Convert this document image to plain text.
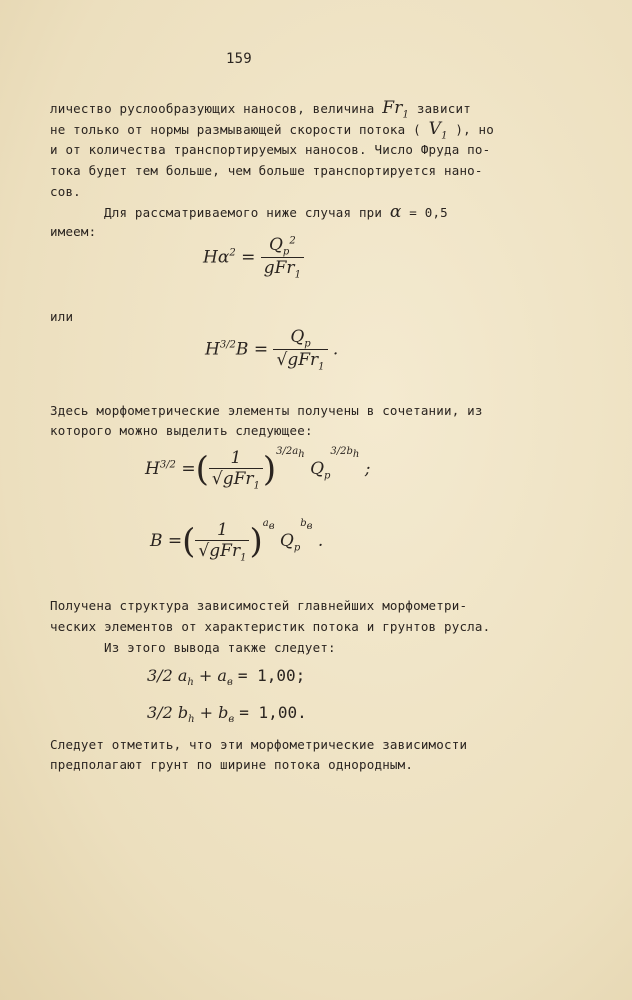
159
личество руслообразующих наносов, величина $Fr_1$ зависит
не только от нормы размывающей скорости потока ( $V_1$ ), но
и от количества транспортируемых наносов. Число Фруда по-
тока будет тем больше, чем больше транспортируется нано-
сов.
Для рассматриваемого ниже случая при α = 0,5
имеем:
$H\alpha^2 = \frac{Q_p^2}{gFr_1}$
или
$H^{3/2}B = \frac{Q_p}{√gFr_1}$ .
Здесь морфометрические элементы получены в сочетании, из
которого можно выделить следующее:
$H^{3/2}$ =( $\frac{1}{√gFr_1} )^{3/2a_h}$ $Q_p^{3/2b_h}$ ;
B =( $\frac{1}{√gFr_1} )^{a_в}$ $Q_p^{b_в}$ .
Получена структура зависимостей главнейших морфометри-
ческих элементов от характеристик потока и грунтов русла.
Из этого вывода также следует:
3/2 $a_h + a_в = 1,00$;
3/2 $b_h + b_в = 1,00$.
Следует отметить, что эти морфометрические зависимости
предполагают грунт по ширине потока однородным.
